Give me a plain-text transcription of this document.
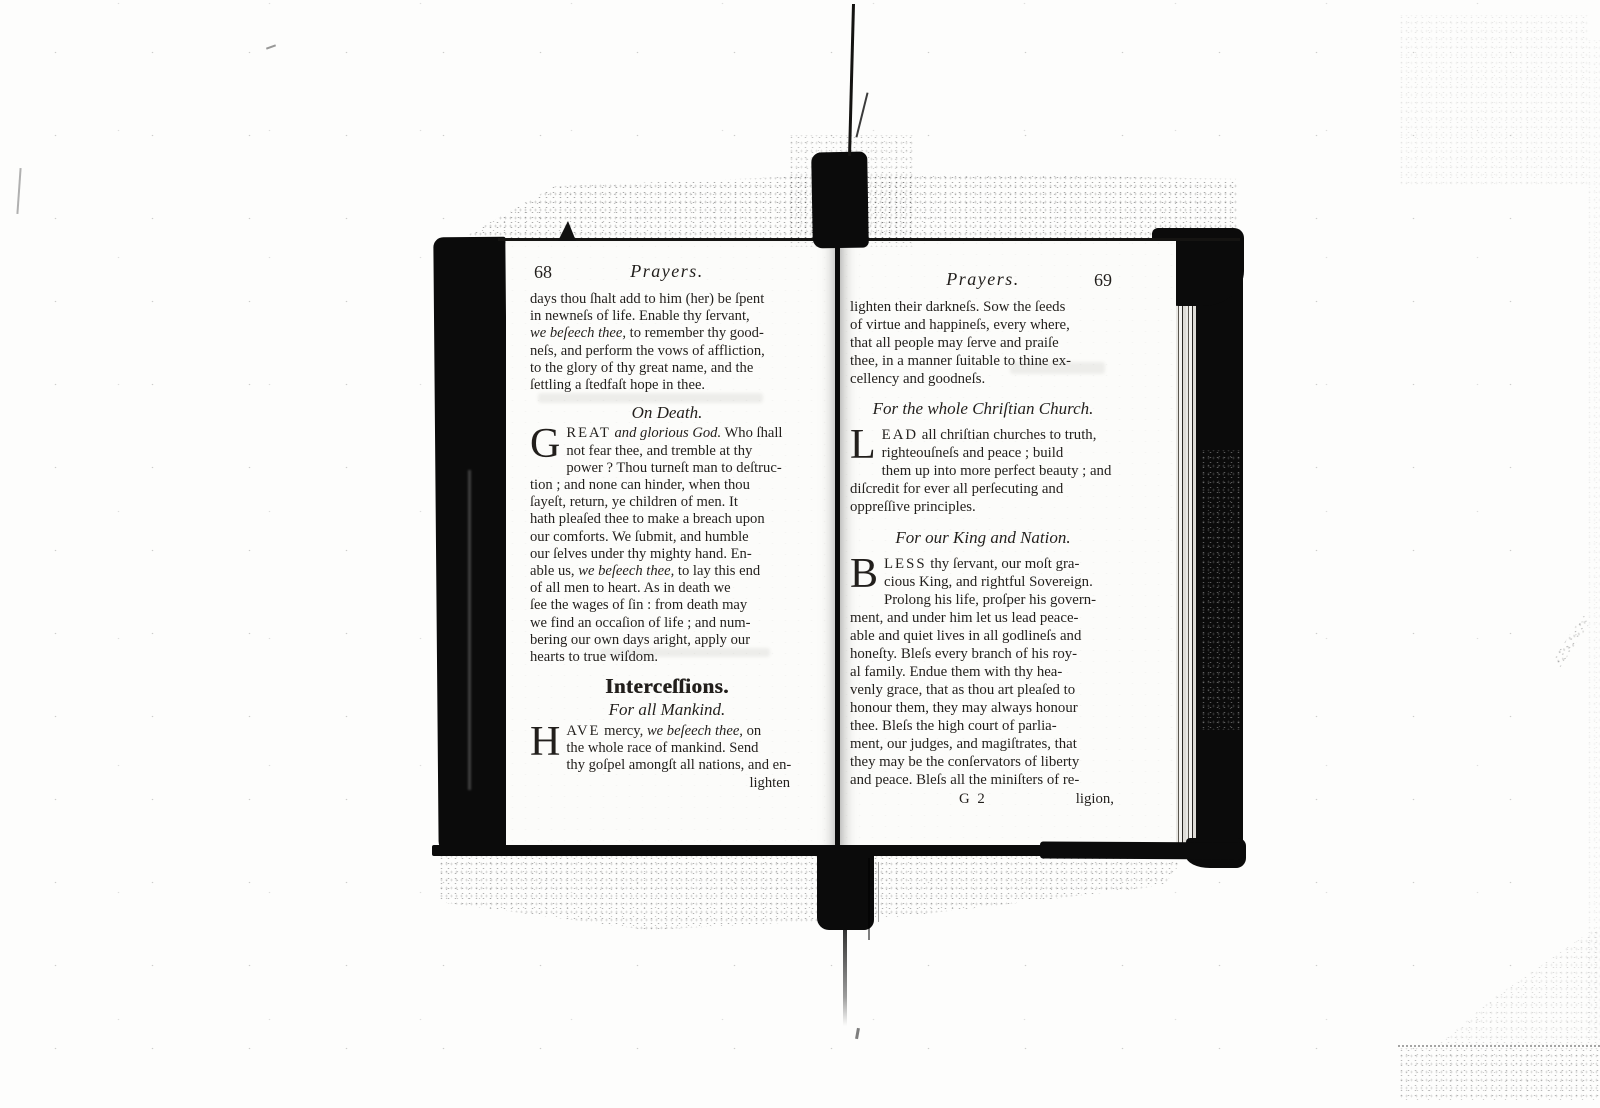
68	Prayers.
days thou ſhalt add to him (her) be ſpent
in newneſs of life. Enable thy ſervant,
we beſeech thee, to remember thy good-
neſs, and perform the vows of affliction,
to the glory of thy great name, and the
ſettling a ſtedfaſt hope in thee.
On Death.
G REAT and glorious God. Who ſhall
not fear thee, and tremble at thy
power ? Thou turneſt man to deſtruc-
tion ; and none can hinder, when thou
ſayeſt, return, ye children of men. It
hath pleaſed thee to make a breach upon
our comforts. We ſubmit, and humble
our ſelves under thy mighty hand. En-
able us, we beſeech thee, to lay this end
of all men to heart. As in death we
ſee the wages of ſin : from death may
we find an occaſion of life ; and num-
bering our own days aright, apply our
hearts to true wiſdom.
Interceſſions.
For all Mankind.
H AVE mercy, we beſeech thee, on
the whole race of mankind. Send
thy goſpel amongſt all nations, and en-
lighten
Prayers.	69
lighten their darkneſs. Sow the ſeeds
of virtue and happineſs, every where,
that all people may ſerve and praiſe
thee, in a manner ſuitable to thine ex-
cellency and goodneſs.
For the whole Chriſtian Church.
L EAD all chriſtian churches to truth,
righteouſneſs and peace ; build
them up into more perfect beauty ; and
diſcredit for ever all perſecuting and
oppreſſive principles.
For our King and Nation.
B LESS thy ſervant, our moſt gra-
cious King, and rightful Sovereign.
Prolong his life, proſper his govern-
ment, and under him let us lead peace-
able and quiet lives in all godlineſs and
honeſty. Bleſs every branch of his roy-
al family. Endue them with thy hea-
venly grace, that as thou art pleaſed to
honour them, they may always honour
thee. Bleſs the high court of parlia-
ment, our judges, and magiſtrates, that
they may be the conſervators of liberty
and peace. Bleſs all the miniſters of re-
G 2	ligion,
